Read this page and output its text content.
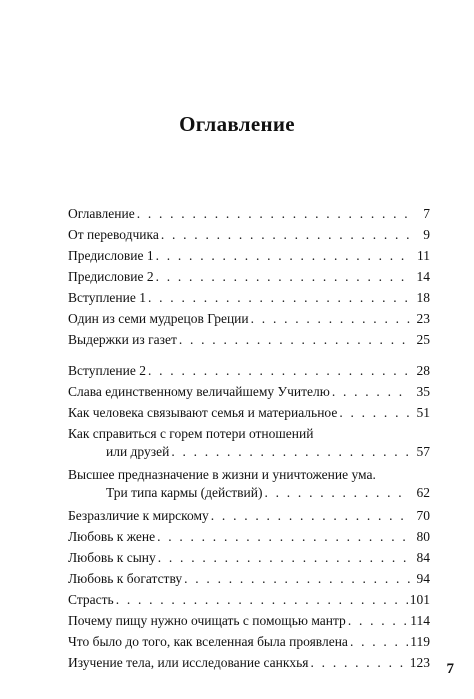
Оглавление
Оглавление . . .	7
От переводчика . . .	9
Предисловие 1 . . .	11
Предисловие 2 . . .	14
Вступление 1 . . .	18
Один из семи мудрецов Греции . . .	23
Выдержки из газет . . .	25
Вступление 2 . . .	28
Слава единственному величайшему Учителю . . .	35
Как человека связывают семья и материальное . . .	51
Как справиться с горем потери отношений
или друзей . . .	57
Высшее предназначение в жизни и уничтожение ума.
Три типа кармы (действий) . . .	62
Безразличие к мирскому . . .	70
Любовь к жене . . .	80
Любовь к сыну . . .	84
Любовь к богатству . . .	94
Страсть . . .	101
Почему пищу нужно очищать с помощью мантр . . .	114
Что было до того, как вселенная была проявлена . . .	119
Изучение тела, или исследование санкхья . . .	123 7
